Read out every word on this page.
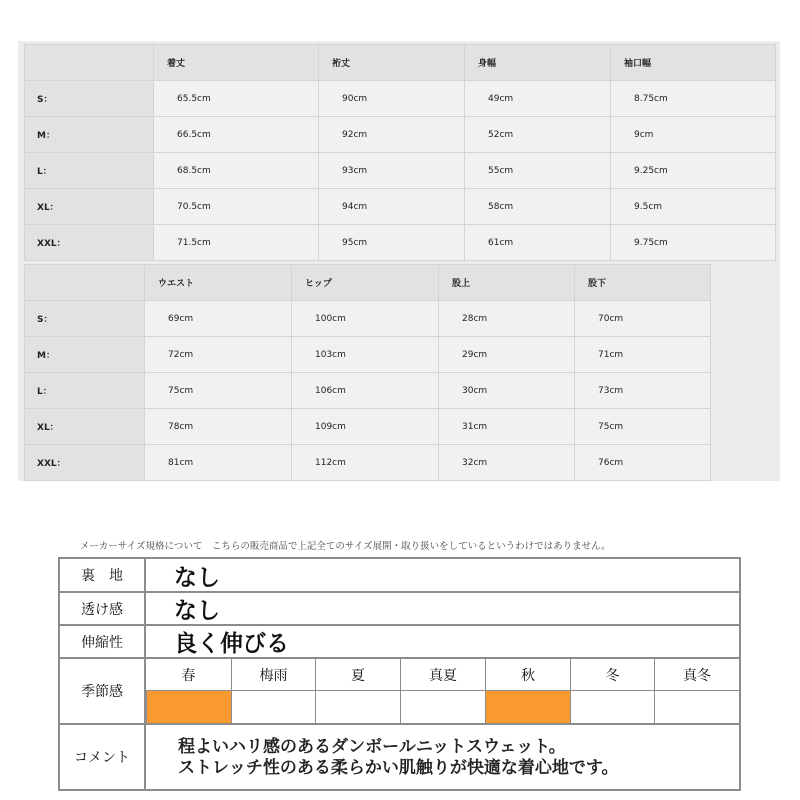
	着丈	裄丈	身幅	袖口幅
S：	65.5cm	90cm	49cm	8.75cm
M：	66.5cm	92cm	52cm	9cm
L：	68.5cm	93cm	55cm	9.25cm
XL：	70.5cm	94cm	58cm	9.5cm
XXL：	71.5cm	95cm	61cm	9.75cm
	ウエスト	ヒップ	股上	股下
S：	69cm	100cm	28cm	70cm
M：	72cm	103cm	29cm	71cm
L：	75cm	106cm	30cm	73cm
XL：	78cm	109cm	31cm	75cm
XXL：	81cm	112cm	32cm	76cm
メーカーサイズ規格について　こちらの販売商品で上記全てのサイズ展開・取り扱いをしているというわけではありません。
裏　地	なし
透け感	なし
伸縮性	良く伸びる
季節感
春	梅雨	夏	真夏	秋	冬	真冬
コメント
程よいハリ感のあるダンボールニットスウェット。
ストレッチ性のある柔らかい肌触りが快適な着心地です。
